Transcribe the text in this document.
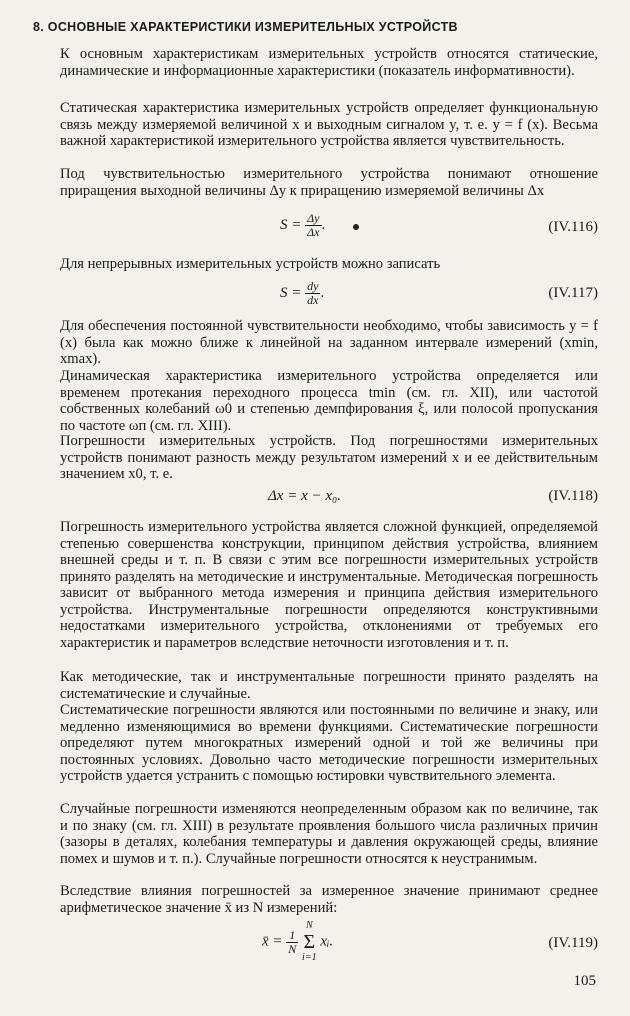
8. ОСНОВНЫЕ ХАРАКТЕРИСТИКИ ИЗМЕРИТЕЛЬНЫХ УСТРОЙСТВ

К основным характеристикам измерительных устройств относятся статические, динамические и информационные характеристики (показатель информативности).

Статическая характеристика измерительных устройств определяет функциональную связь между измеряемой величиной x и выходным сигналом y, т. е. y = f (x). Весьма важной характеристикой измерительного устройства является чувствительность.

Под чувствительностью измерительного устройства понимают отношение приращения выходной величины Δy к приращению измеряемой величины Δx

$S = \frac{\Delta y}{\Delta x}$ .	(IV.116)

Для непрерывных измерительных устройств можно записать

$S = \frac{dy}{dx}$ .	(IV.117)

Для обеспечения постоянной чувствительности необходимо, чтобы зависимость y = f (x) была как можно ближе к линейной на заданном интервале измерений (xmin, xmax).

Динамическая характеристика измерительного устройства определяется или временем протекания переходного процесса tmin (см. гл. XII), или частотой собственных колебаний ω0 и степенью демпфирования ξ, или полосой пропускания по частоте ωп (см. гл. XIII).

Погрешности измерительных устройств. Под погрешностями измерительных устройств понимают разность между результатом измерений x и ее действительным значением x0, т. е.

Δx = x − x₀.	(IV.118)

Погрешность измерительного устройства является сложной функцией, определяемой степенью совершенства конструкции, принципом действия устройства, влиянием внешней среды и т. п. В связи с этим все погрешности измерительных устройств принято разделять на методические и инструментальные. Методическая погрешность зависит от выбранного метода измерения и принципа действия измерительного устройства. Инструментальные погрешности определяются конструктивными недостатками измерительного устройства, отклонениями от требуемых его характеристик и параметров вследствие неточности изготовления и т. п.

Как методические, так и инструментальные погрешности принято разделять на систематические и случайные.

Систематические погрешности являются или постоянными по величине и знаку, или медленно изменяющимися во времени функциями. Систематические погрешности определяют путем многократных измерений одной и той же величины при постоянных условиях. Довольно часто методические погрешности измерительных устройств удается устранить с помощью юстировки чувствительного элемента.

Случайные погрешности изменяются неопределенным образом как по величине, так и по знаку (см. гл. XIII) в результате проявления большого числа различных причин (зазоры в деталях, колебания температуры и давления окружающей среды, влияние помех и шумов и т. п.). Случайные погрешности относятся к неустранимым.

Вследствие влияния погрешностей за измеренное значение принимают среднее арифметическое значение x̄ из N измерений:

x̄ = $\frac{1}{N}$

N
Σ
i=1
xᵢ.	(IV.119)
105
